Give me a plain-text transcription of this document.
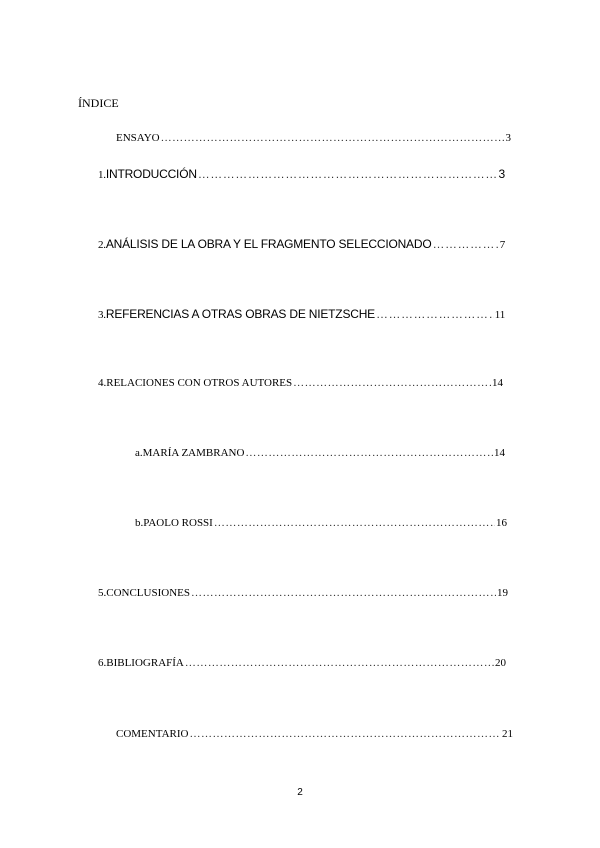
ÍNDICE
ENSAYO …………………………………………………………………………………………………………………………………………………………………………………………	3
1. INTRODUCCIÓN …………………………………………………………………………………………………………………………………………………………………………………………	3
2. ANÁLISIS DE LA OBRA Y EL FRAGMENTO SELECCIONADO …………………………………………………………………………………………………………………………………………………………………………………………	7
3. REFERENCIAS A OTRAS OBRAS DE NIETZSCHE …………………………………………………………………………………………………………………………………………………………………………………………	11
4. RELACIONES CON OTROS AUTORES …………………………………………………………………………………………………………………………………………………………………………………………	14
a. MARÍA ZAMBRANO …………………………………………………………………………………………………………………………………………………………………………………………	14
b. PAOLO ROSSI …………………………………………………………………………………………………………………………………………………………………………………………	16
5. CONCLUSIONES …………………………………………………………………………………………………………………………………………………………………………………………	19
6. BIBLIOGRAFÍA …………………………………………………………………………………………………………………………………………………………………………………………	20
COMENTARIO …………………………………………………………………………………………………………………………………………………………………………………………	21
2
